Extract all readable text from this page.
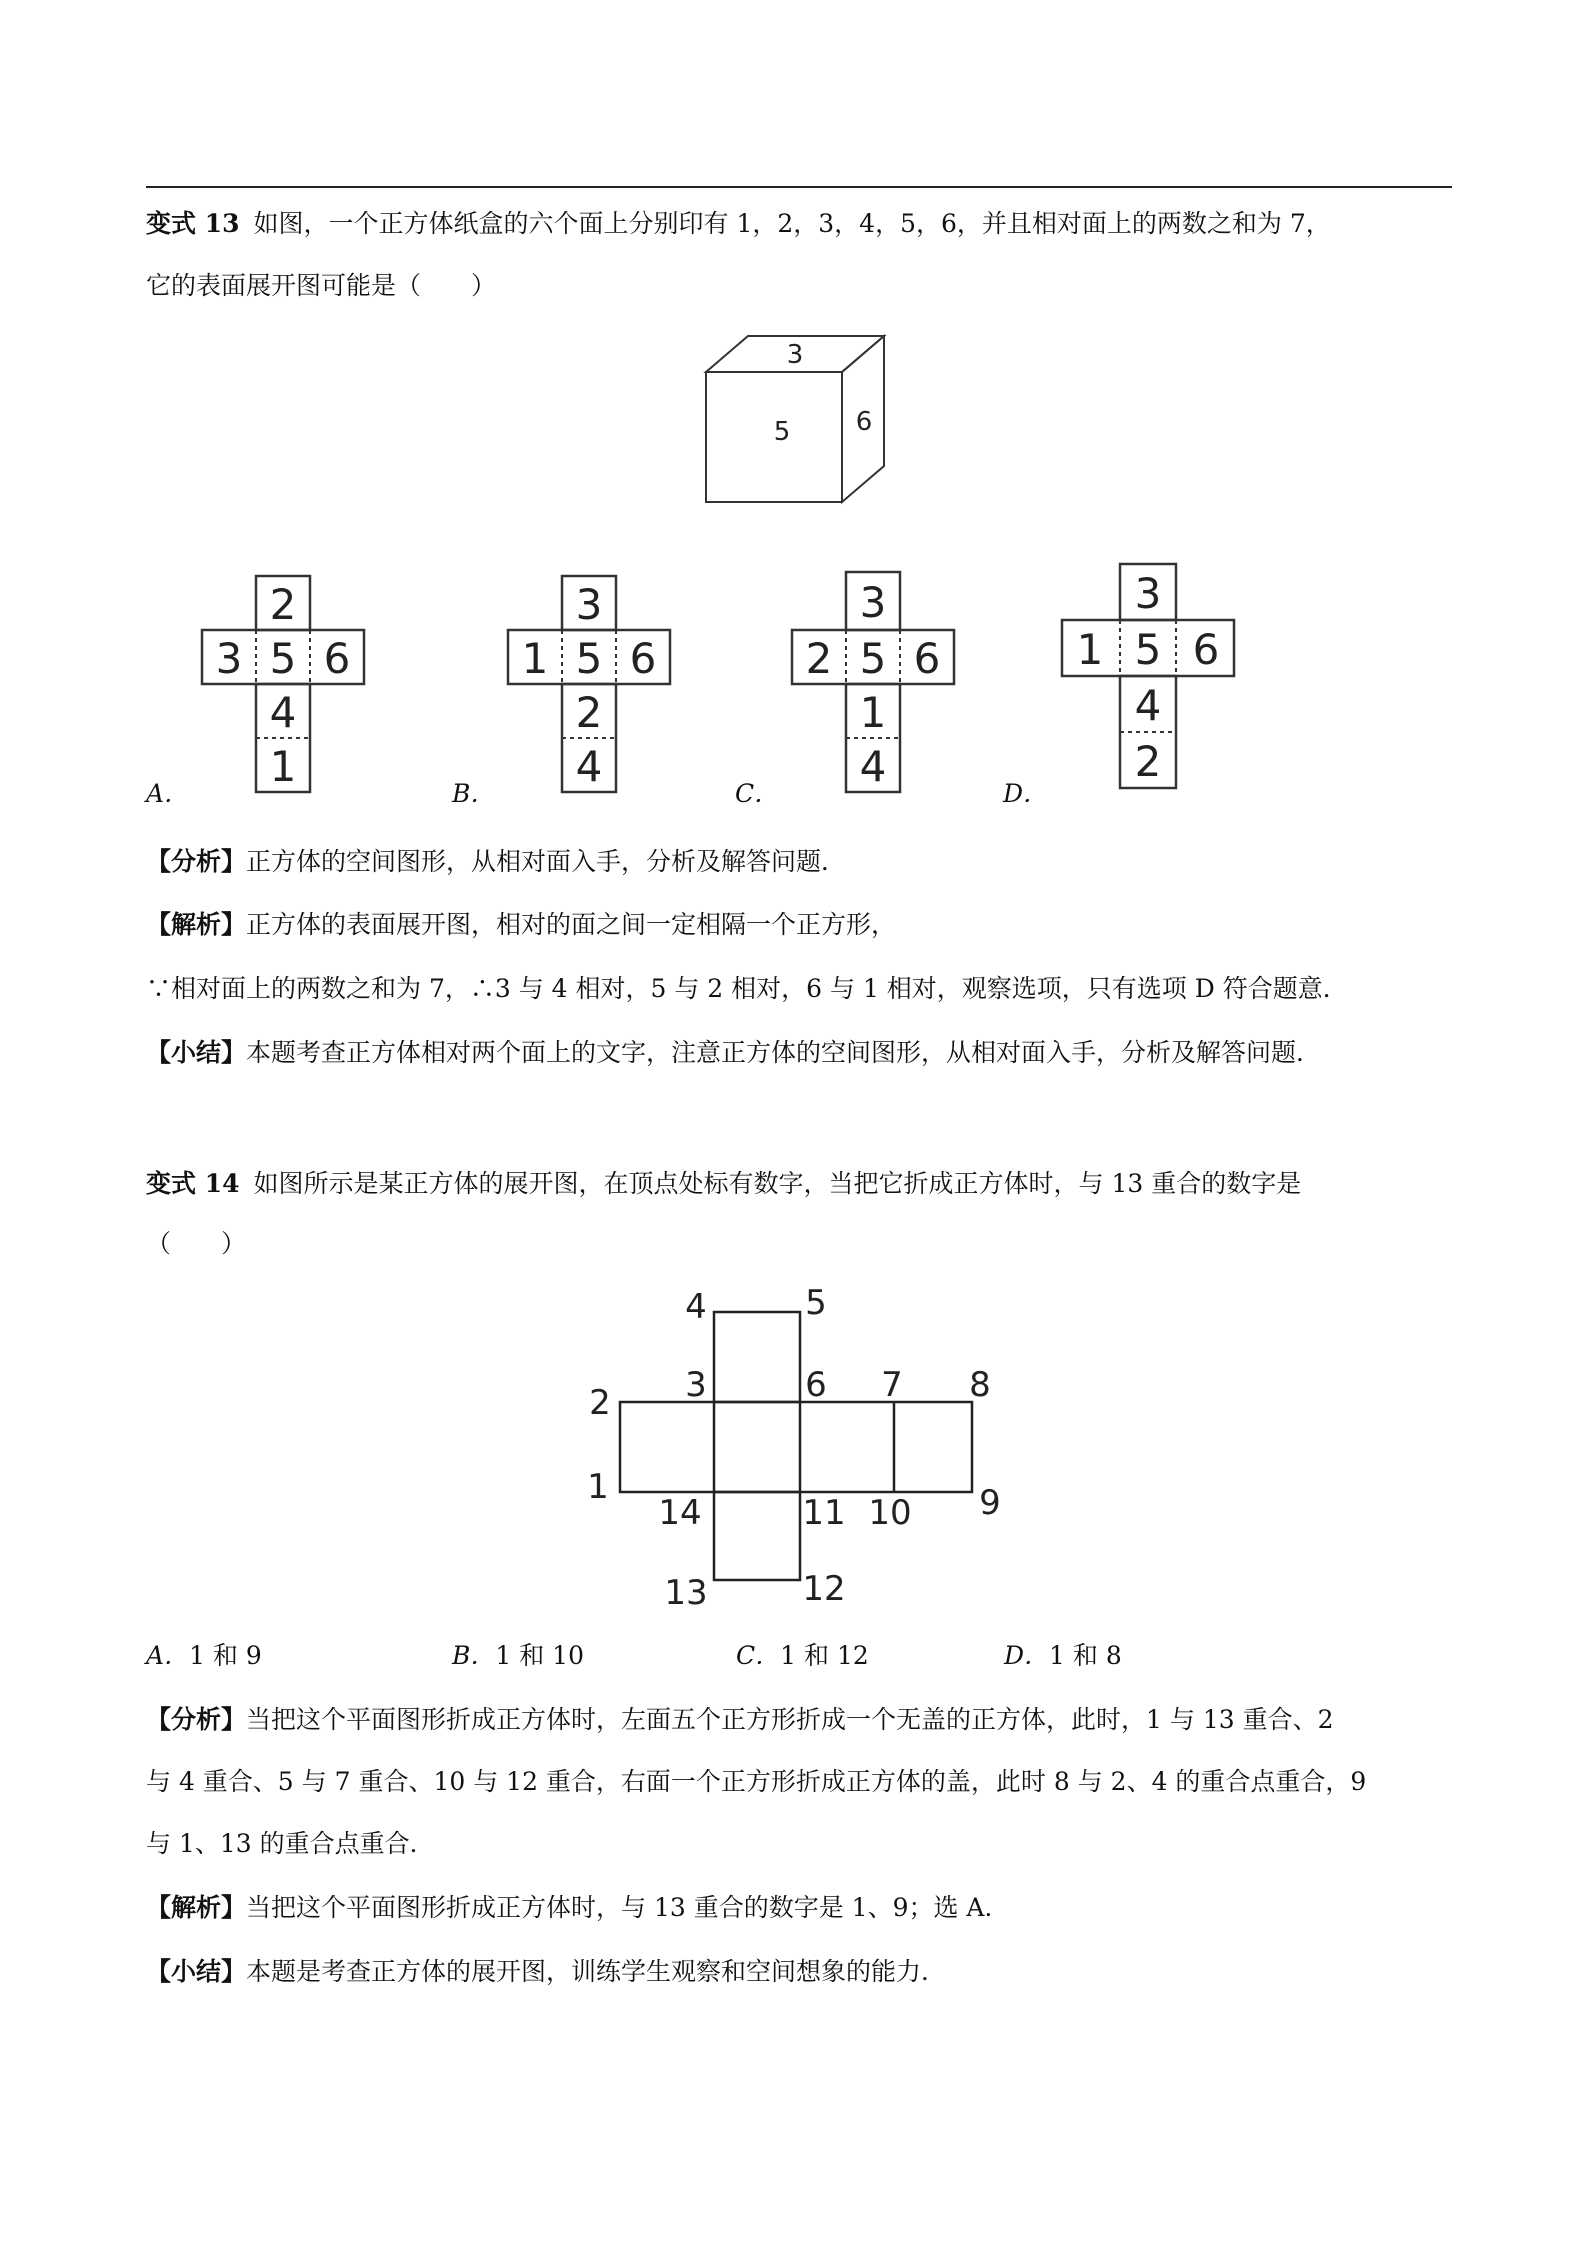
变式 13 如图，一个正方体纸盒的六个面上分别印有 1，2，3，4，5，6，并且相对面上的两数之和为 7，

它的表面展开图可能是（　　）

3
5	6
2
3 5 6
4
1
3
1 5 6
2
4
3
2 5 6
1
4
3
1 5 6
4
2
A．	B．	C．	D．

【分析】正方体的空间图形，从相对面入手，分析及解答问题．

【解析】正方体的表面展开图，相对的面之间一定相隔一个正方形，

∵相对面上的两数之和为 7，∴3 与 4 相对，5 与 2 相对，6 与 1 相对，观察选项，只有选项 D 符合题意．

【小结】本题考查正方体相对两个面上的文字，注意正方体的空间图形，从相对面入手，分析及解答问题．

变式 14 如图所示是某正方体的展开图，在顶点处标有数字，当把它折成正方体时，与 13 重合的数字是

（　　）

4	5
3	6 7 8
2
1
14	11 10 9
13	12
A．1 和 9	B．1 和 10	C．1 和 12	D．1 和 8

【分析】当把这个平面图形折成正方体时，左面五个正方形折成一个无盖的正方体，此时，1 与 13 重合、2

与 4 重合、5 与 7 重合、10 与 12 重合，右面一个正方形折成正方体的盖，此时 8 与 2、4 的重合点重合，9

与 1、13 的重合点重合．

【解析】当把这个平面图形折成正方体时，与 13 重合的数字是 1、9；选 A．

【小结】本题是考查正方体的展开图，训练学生观察和空间想象的能力．
